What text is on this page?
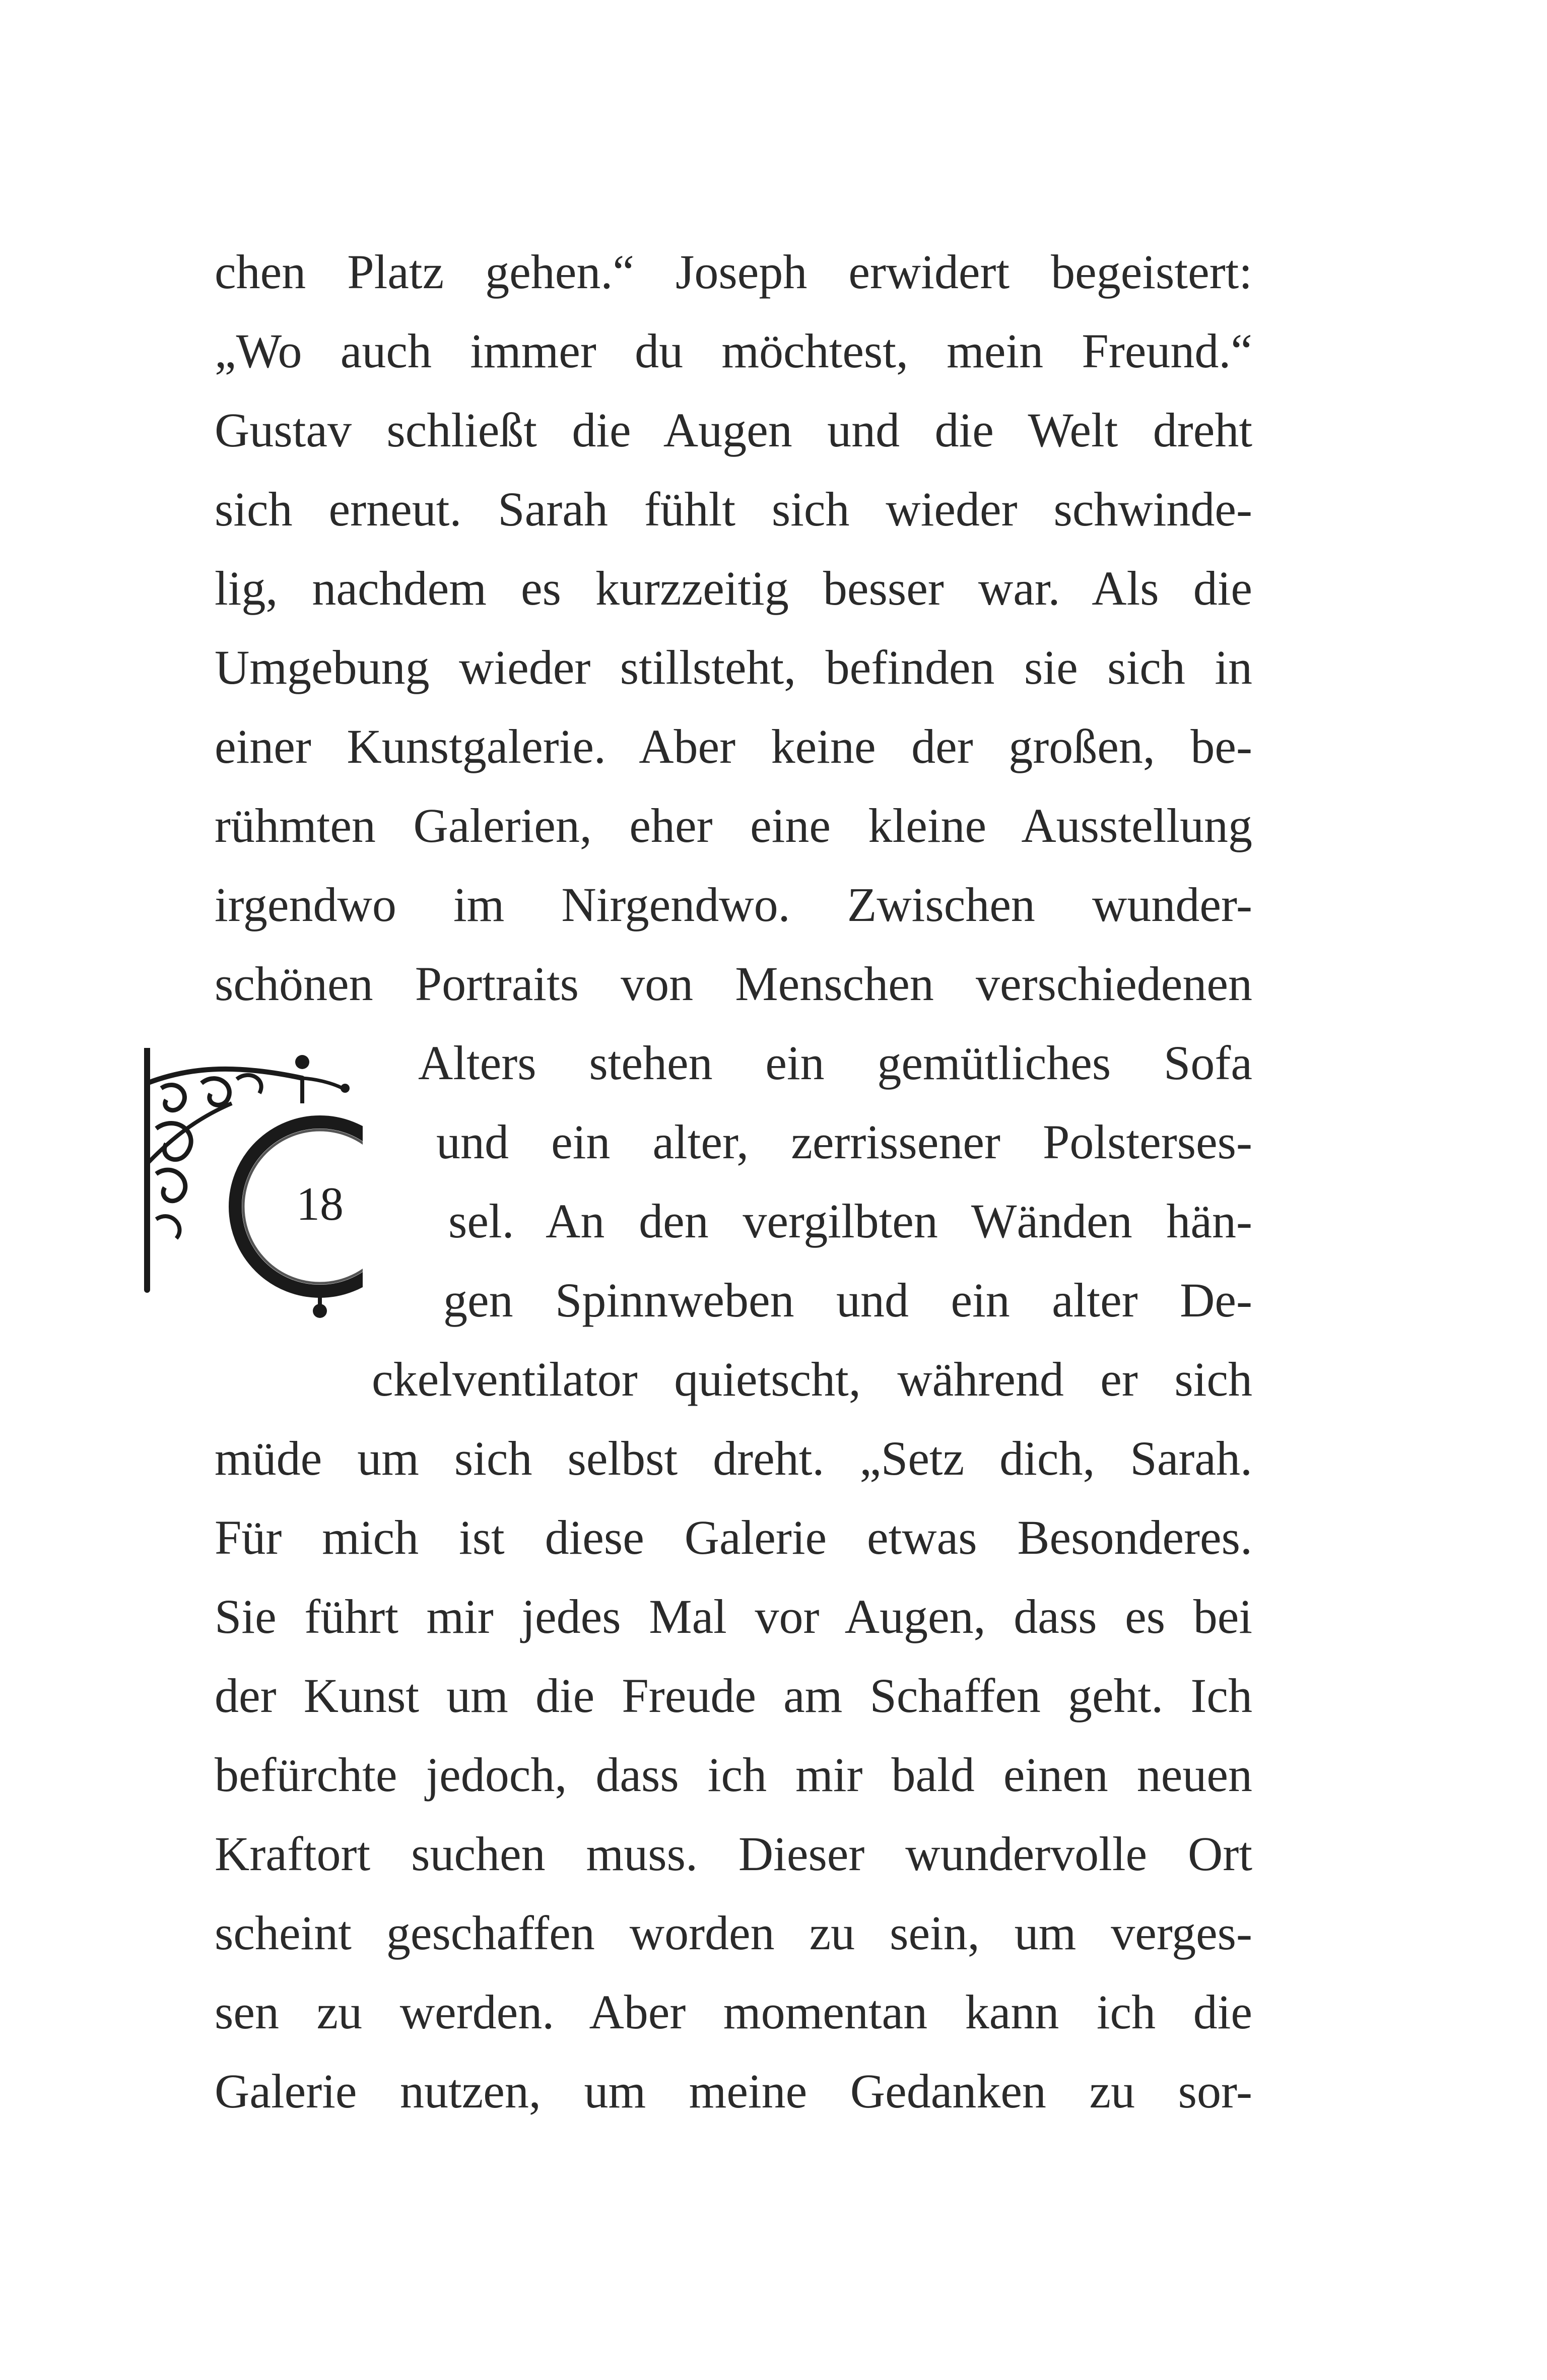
chen Platz gehen.“ Joseph erwidert begeistert:
„Wo auch immer du möchtest, mein Freund.“
Gustav schließt die Augen und die Welt dreht
sich erneut. Sarah fühlt sich wieder schwinde-
lig, nachdem es kurzzeitig besser war. Als die
Umgebung wieder stillsteht, befinden sie sich in
einer Kunstgalerie. Aber keine der großen, be-
rühmten Galerien, eher eine kleine Ausstellung
irgendwo im Nirgendwo. Zwischen wunder-
schönen Portraits von Menschen verschiedenen
Alters stehen ein gemütliches Sofa
und ein alter, zerrissener Polsterses-
sel. An den vergilbten Wänden hän-
gen Spinnweben und ein alter De-
ckelventilator quietscht, während er sich
müde um sich selbst dreht. „Setz dich, Sarah.
Für mich ist diese Galerie etwas Besonderes.
Sie führt mir jedes Mal vor Augen, dass es bei
der Kunst um die Freude am Schaffen geht. Ich
befürchte jedoch, dass ich mir bald einen neuen
Kraftort suchen muss. Dieser wundervolle Ort
scheint geschaffen worden zu sein, um verges-
sen zu werden. Aber momentan kann ich die
Galerie nutzen, um meine Gedanken zu sor-
18
